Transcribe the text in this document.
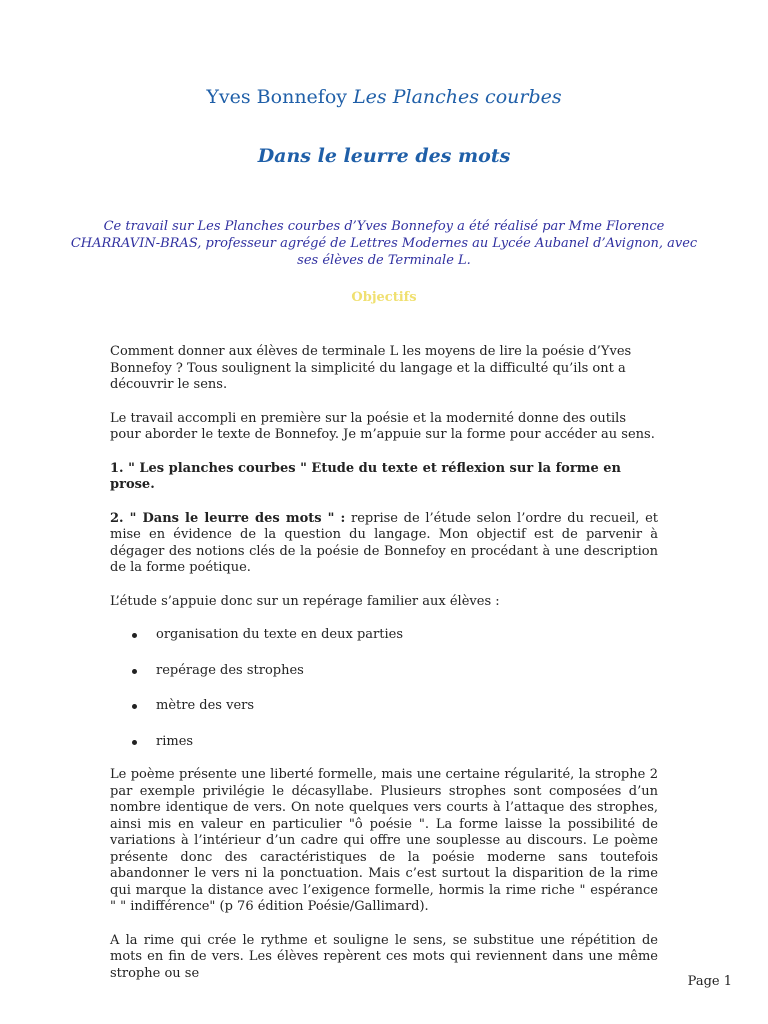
Yves Bonnefoy Les Planches courbes
Dans le leurre des mots
Ce travail sur Les Planches courbes d’Yves Bonnefoy a été réalisé par Mme Florence CHARRAVIN-BRAS, professeur agrégé de Lettres Modernes au Lycée Aubanel d’Avignon, avec ses élèves de Terminale L.
Objectifs

Comment donner aux élèves de terminale L les moyens de lire la poésie d’Yves Bonnefoy ? Tous soulignent la simplicité du langage et la difficulté qu’ils ont a découvrir le sens.

Le travail accompli en première sur la poésie et la modernité donne des outils pour aborder le texte de Bonnefoy. Je m’appuie sur la forme pour accéder au sens.

1. " Les planches courbes " Etude du texte et réflexion sur la forme en prose.

2. " Dans le leurre des mots " : reprise de l’étude selon l’ordre du recueil, et mise en évidence de la question du langage. Mon objectif est de parvenir à dégager des notions clés de la poésie de Bonnefoy en procédant à une description de la forme poétique.

L’étude s’appuie donc sur un repérage familier aux élèves :

organisation du texte en deux parties
repérage des strophes
mètre des vers
rimes

Le poème présente une liberté formelle, mais une certaine régularité, la strophe 2 par exemple privilégie le décasyllabe. Plusieurs strophes sont composées d’un nombre identique de vers. On note quelques vers courts à l’attaque des strophes, ainsi mis en valeur en particulier "ô poésie ". La forme laisse la possibilité de variations à l’intérieur d’un cadre qui offre une souplesse au discours. Le poème présente donc des caractéristiques de la poésie moderne sans toutefois abandonner le vers ni la ponctuation. Mais c’est surtout la disparition de la rime qui marque la distance avec l’exigence formelle, hormis la rime riche " espérance " " indifférence" (p 76 édition Poésie/Gallimard).

A la rime qui crée le rythme et souligne le sens, se substitue une répétition de mots en fin de vers. Les élèves repèrent ces mots qui reviennent dans une même strophe ou se

Page 1
